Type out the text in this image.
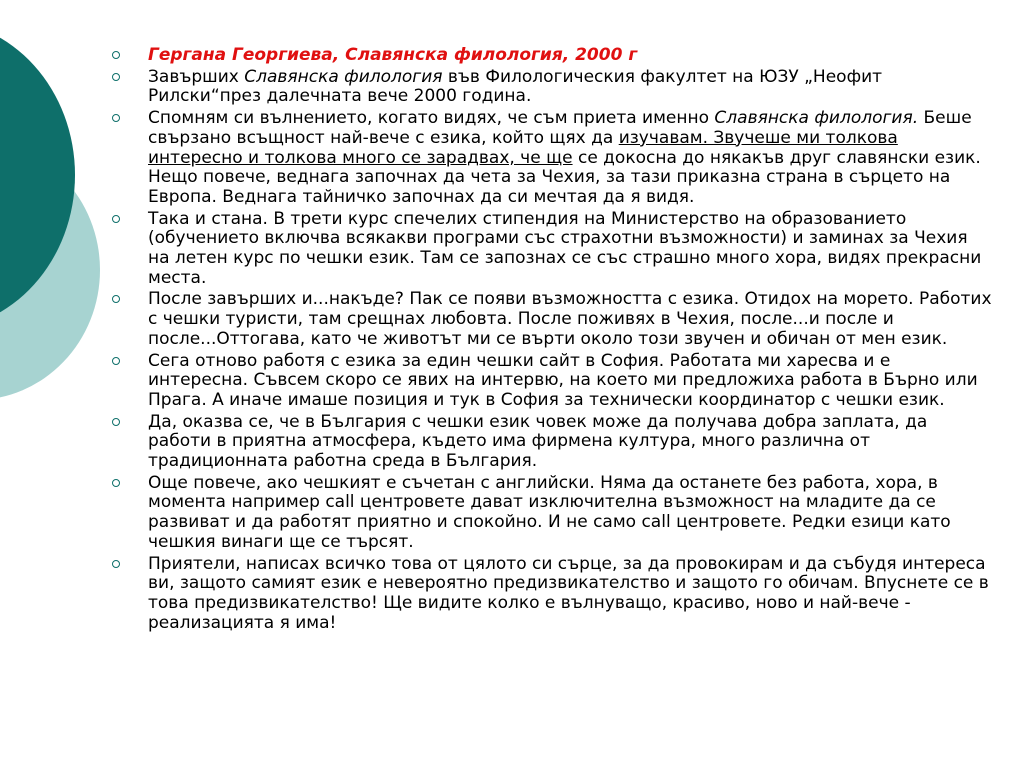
Гергана Георгиева, Славянска филология, 2000 г
Завърших Славянска филология във Филологическия факултет на ЮЗУ „Неофит Рилски“през далечната вече 2000 година.
Спомням си вълнението, когато видях, че съм приета именно Славянска филология. Беше свързано всъщност най-вече с езика, който щях да изучавам. Звучеше ми толкова интересно и толкова много се зарадвах, че ще се докосна до някакъв друг славянски език. Нещо повече, веднага започнах да чета за Чехия, за тази приказна страна в сърцето на Европа. Веднага тайничко започнах да си мечтая да я видя.
Така и стана. В трети курс спечелих стипендия на Министерство на образованието (обучението включва всякакви програми със страхотни възможности) и заминах за Чехия на летен курс по чешки език. Там се запознах се със страшно много хора, видях прекрасни места.
После завърших и...накъде? Пак се появи възможността с езика. Отидох на морето. Работих с чешки туристи, там срещнах любовта. После поживях в Чехия, после...и после и после...Оттогава, като че животът ми се върти около този звучен и обичан от мен език.
Сега отново работя с езика за един чешки сайт в София. Работата ми харесва и е интересна. Съвсем скоро се явих на интервю, на което ми предложиха работа в Бърно или Прага. А иначе имаше позиция и тук в София за технически координатор с чешки език.
Да, оказва се, че в България с чешки език човек може да получава добра заплата, да работи в приятна атмосфера, където има фирмена култура, много различна от традиционната работна среда в България.
Още повече, ако чешкият е съчетан с английски. Няма да останете без работа, хора, в момента например call центровете дават изключителна възможност на младите да се развиват и да работят приятно и спокойно. И не само call центровете. Редки езици като чешкия винаги ще се търсят.
Приятели, написах всичко това от цялото си сърце, за да провокирам и да събудя интереса ви, защото самият език е невероятно предизвикателство и защото го обичам. Впуснете се в това предизвикателство! Ще видите колко е вълнуващо, красиво, ново и най-вече - реализацията я има!
